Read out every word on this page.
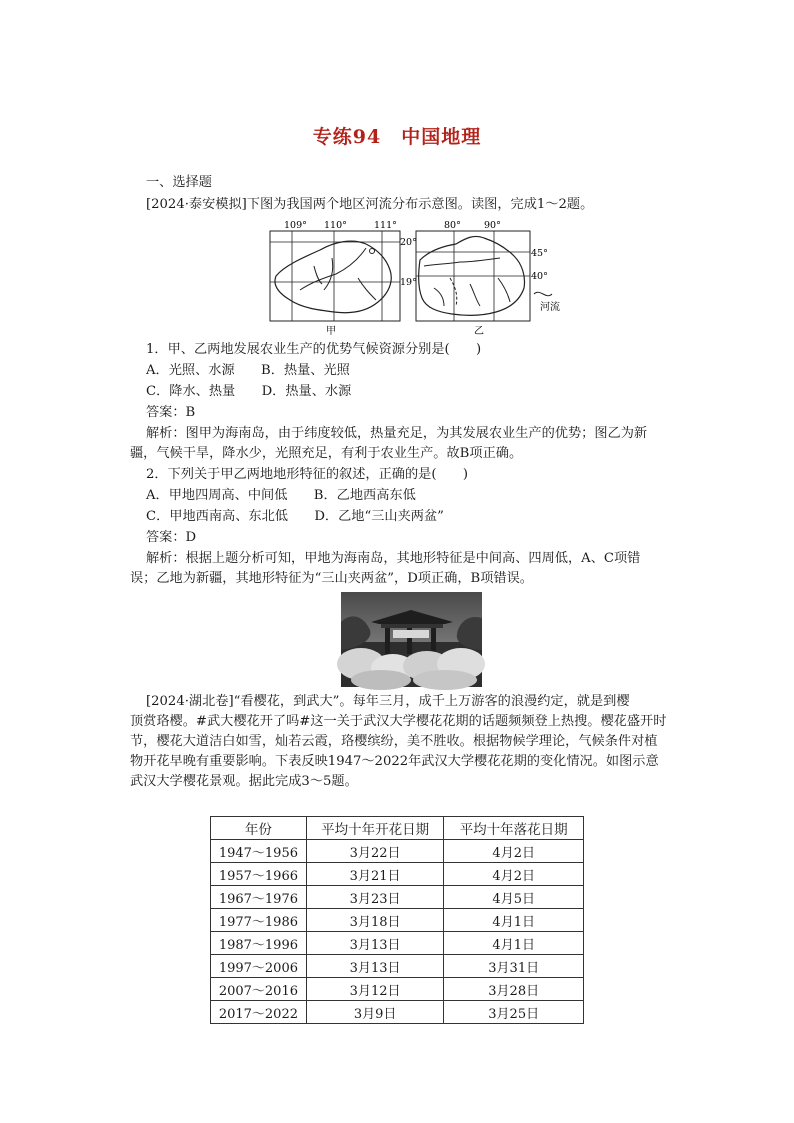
专练94　中国地理
一、选择题
[2024·泰安模拟]下图为我国两个地区河流分布示意图。读图，完成1～2题。
109° 110°	111°
20°
19°
甲
80° 90°
45°
40°
河流
乙
1．甲、乙两地发展农业生产的优势气候资源分别是(　　)
A．光照、水源　　B．热量、光照
C．降水、热量　　D．热量、水源
答案：B
解析：图甲为海南岛，由于纬度较低，热量充足，为其发展农业生产的优势；图乙为新
疆，气候干旱，降水少，光照充足，有利于农业生产。故B项正确。
2．下列关于甲乙两地地形特征的叙述，正确的是(　　)
A．甲地四周高、中间低　　B．乙地西高东低
C．甲地西南高、东北低　　D．乙地“三山夹两盆”
答案：D
解析：根据上题分析可知，甲地为海南岛，其地形特征是中间高、四周低，A、C项错
误；乙地为新疆，其地形特征为“三山夹两盆”，D项正确，B项错误。
[2024·湖北卷]“看樱花，到武大”。每年三月，成千上万游客的浪漫约定，就是到樱
顶赏珞樱。#武大樱花开了吗#这一关于武汉大学樱花花期的话题频频登上热搜。樱花盛开时
节，樱花大道洁白如雪，灿若云霞，珞樱缤纷，美不胜收。根据物候学理论，气候条件对植
物开花早晚有重要影响。下表反映1947～2022年武汉大学樱花花期的变化情况。如图示意
武汉大学樱花景观。据此完成3～5题。
年份	平均十年开花日期	平均十年落花日期
1947～1956	3月22日	4月2日
1957～1966	3月21日	4月2日
1967～1976	3月23日	4月5日
1977～1986	3月18日	4月1日
1987～1996	3月13日	4月1日
1997～2006	3月13日	3月31日
2007～2016	3月12日	3月28日
2017～2022	3月9日	3月25日
